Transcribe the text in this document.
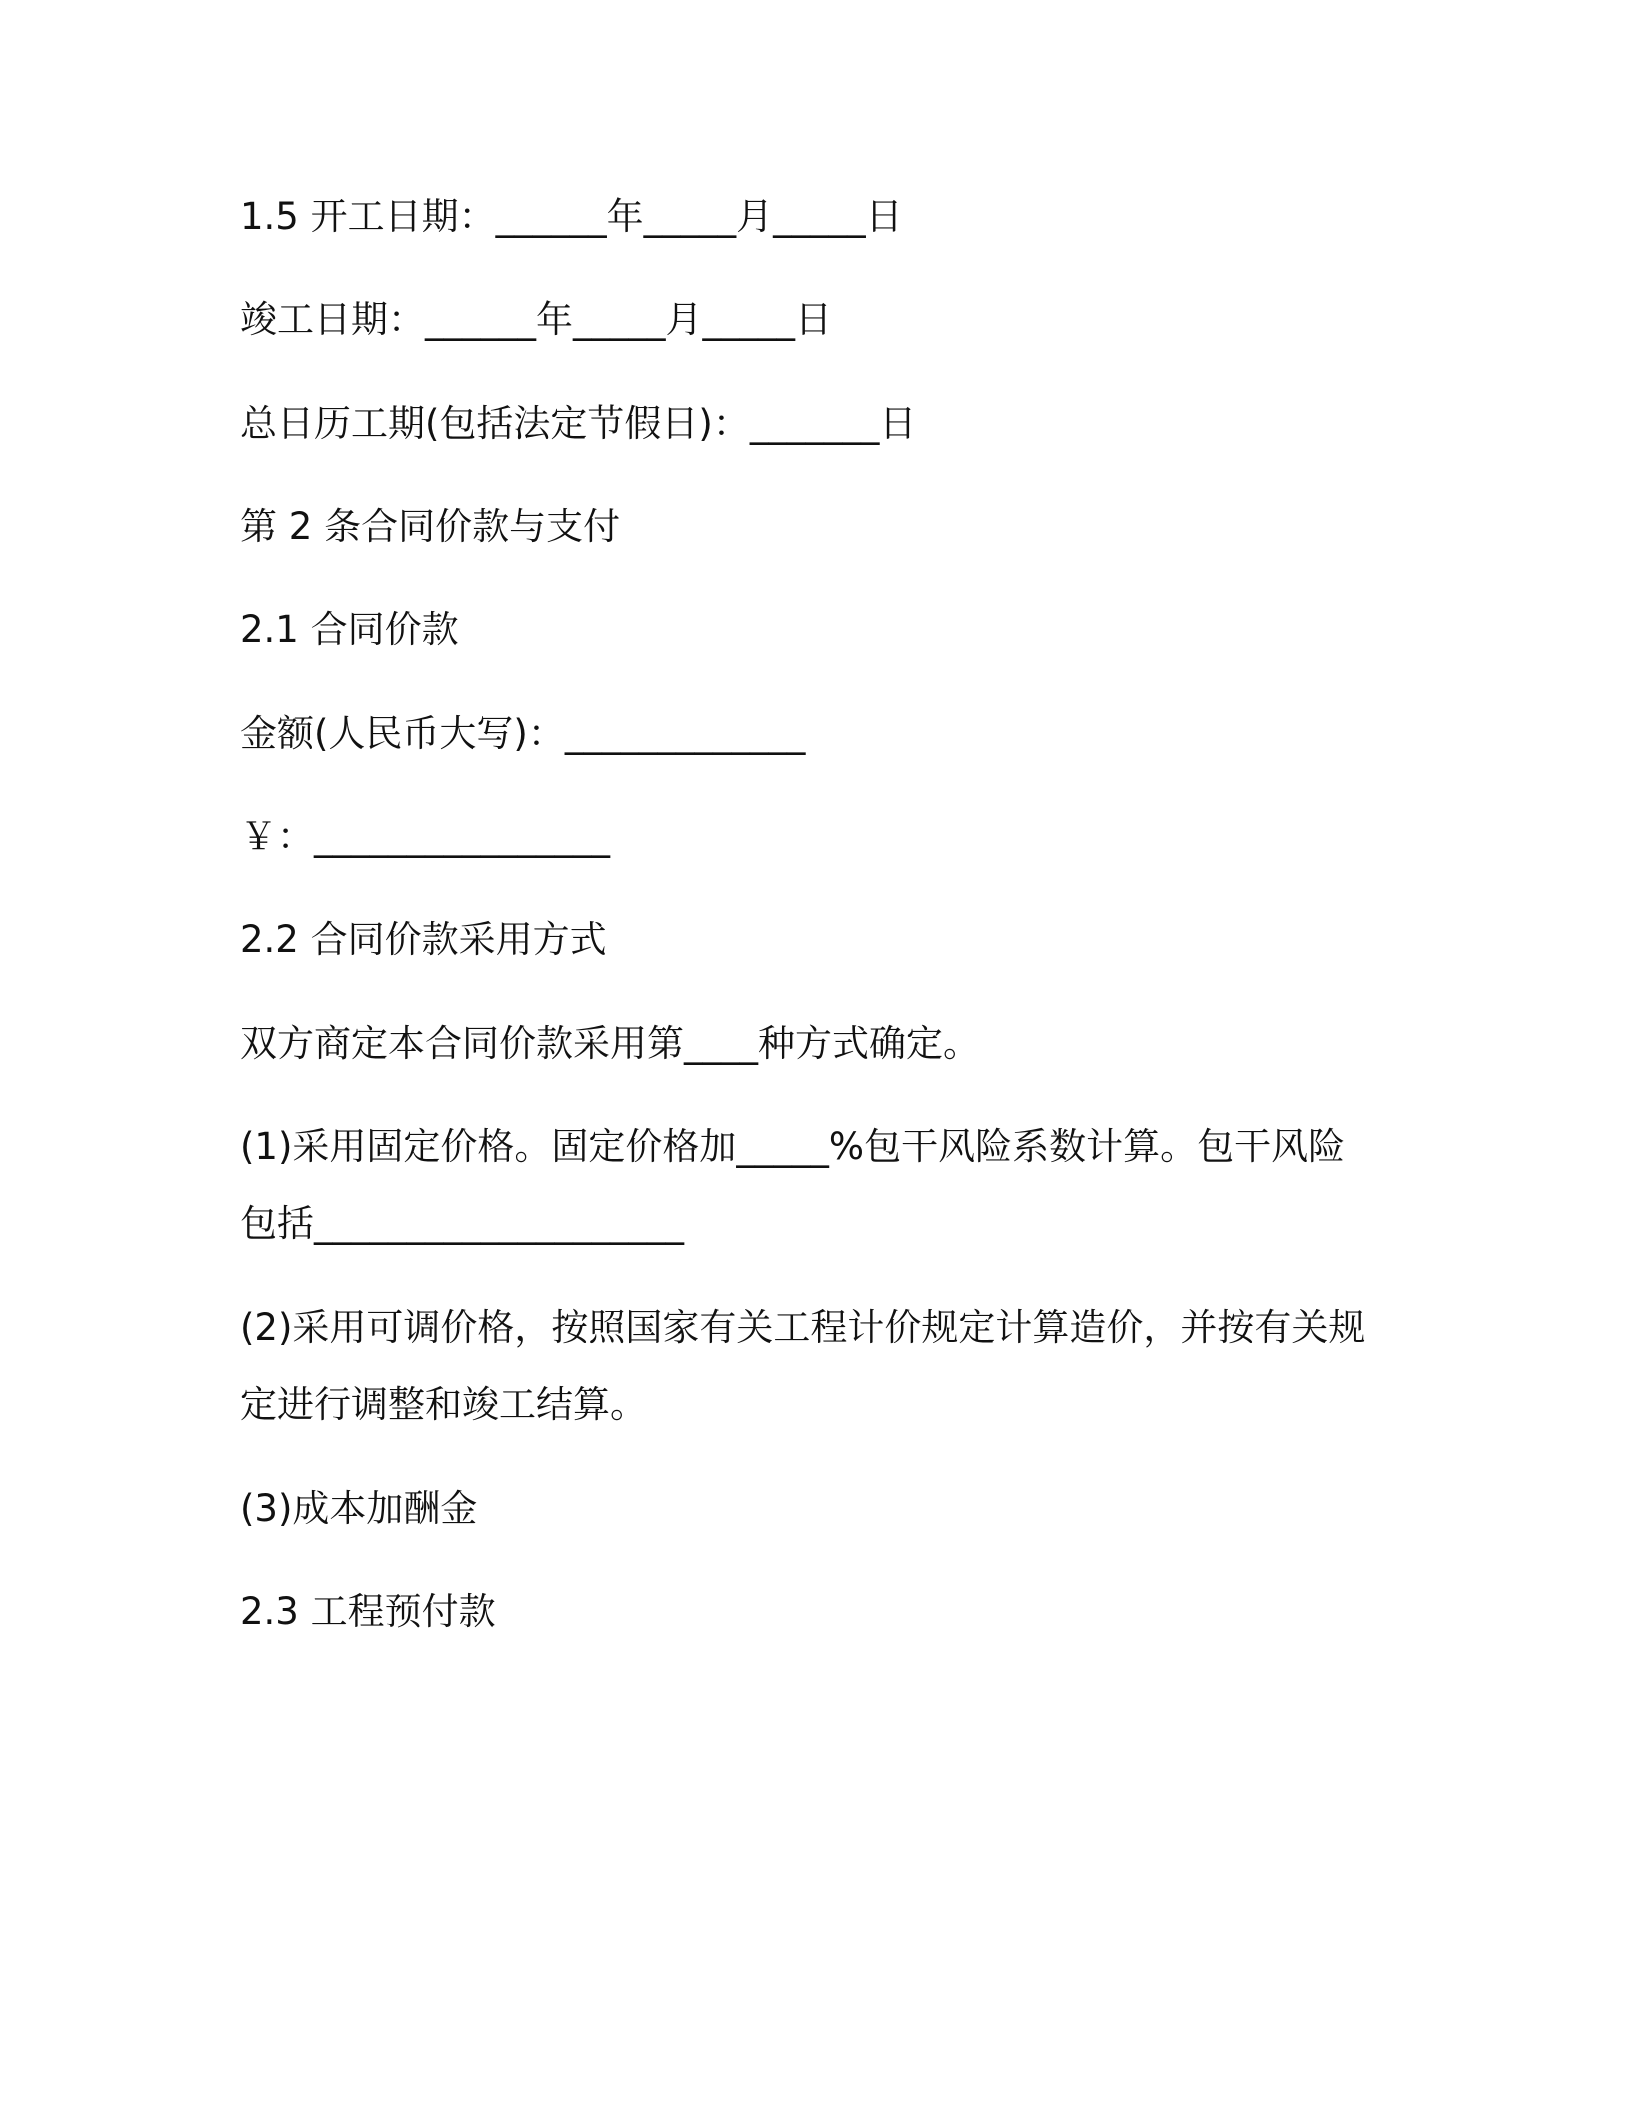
1.5 开工日期：______年_____月_____日
竣工日期：______年_____月_____日
总日历工期(包括法定节假日)：_______日
第 2 条合同价款与支付
2.1 合同价款
金额(人民币大写)：_____________
￥：________________
2.2 合同价款采用方式
双方商定本合同价款采用第____种方式确定。
(1)采用固定价格。固定价格加_____%包干风险系数计算。包干风险
包括____________________
(2)采用可调价格，按照国家有关工程计价规定计算造价，并按有关规
定进行调整和竣工结算。
(3)成本加酬金
2.3 工程预付款
